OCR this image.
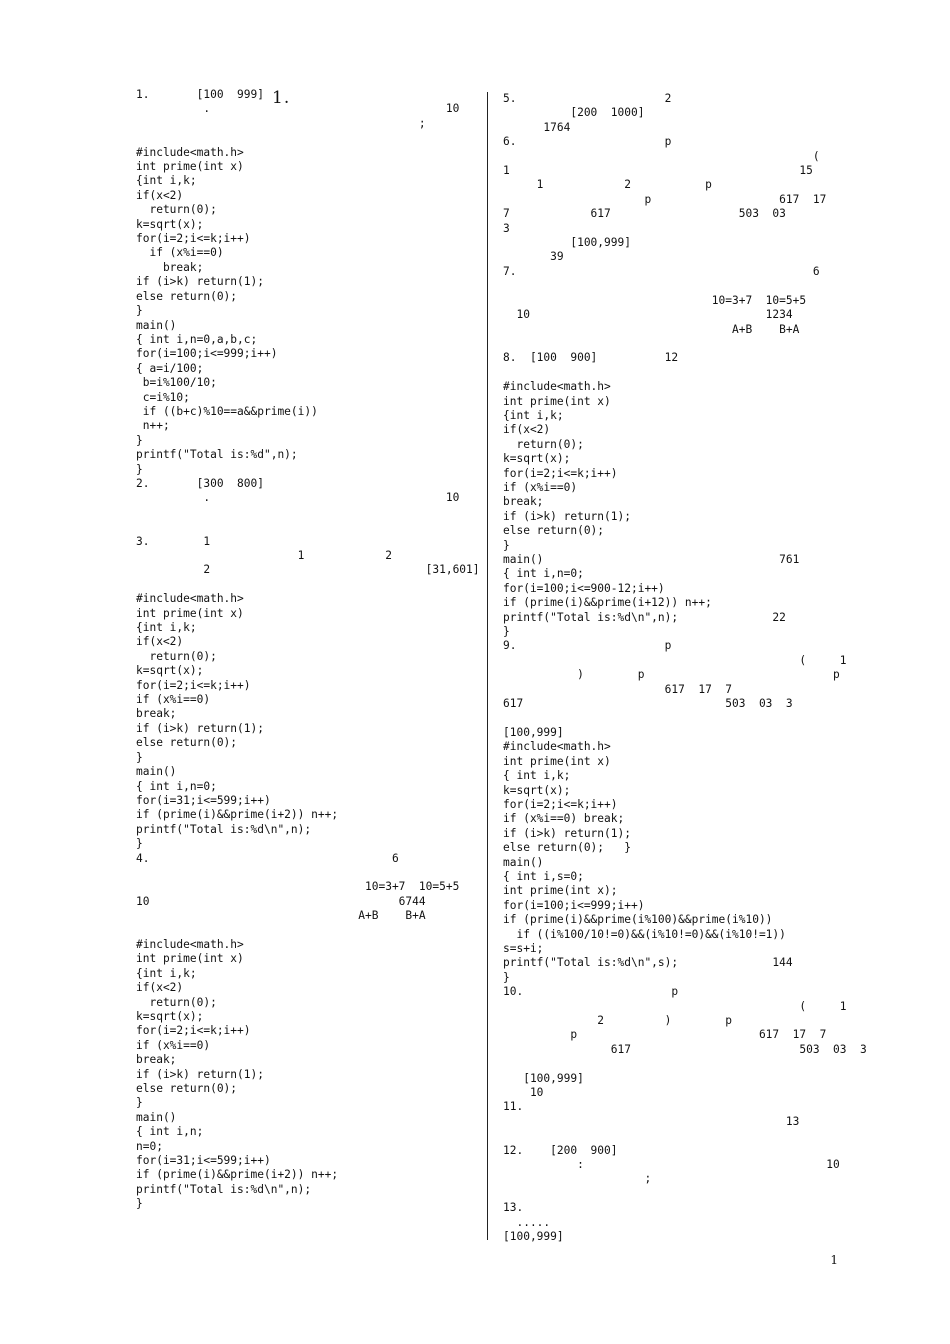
1.
1.       [100  999]
.                                   10
;

#include<math.h>
int prime(int x)
{int i,k;
if(x<2)
return(0);
k=sqrt(x);
for(i=2;i<=k;i++)
if (x%i==0)
break;
if (i>k) return(1);
else return(0);
}
main()
{ int i,n=0,a,b,c;
for(i=100;i<=999;i++)
{ a=i/100;
b=i%100/10;
c=i%10;
if ((b+c)%10==a&&prime(i))
n++;
}
printf("Total is:%d",n);
}
2.       [300  800]
.                                   10

3.        1
1            2
2                                [31,601]

#include<math.h>
int prime(int x)
{int i,k;
if(x<2)
return(0);
k=sqrt(x);
for(i=2;i<=k;i++)
if (x%i==0)
break;
if (i>k) return(1);
else return(0);
}
main()
{ int i,n=0;
for(i=31;i<=599;i++)
if (prime(i)&&prime(i+2)) n++;
printf("Total is:%d\n",n);
}
4.                                    6

10=3+7  10=5+5
10                                     6744
A+B    B+A

#include<math.h>
int prime(int x)
{int i,k;
if(x<2)
return(0);
k=sqrt(x);
for(i=2;i<=k;i++)
if (x%i==0)
break;
if (i>k) return(1);
else return(0);
}
main()
{ int i,n;
n=0;
for(i=31;i<=599;i++)
if (prime(i)&&prime(i+2)) n++;
printf("Total is:%d\n",n);
}
5.                      2
[200  1000]
1764
6.                      p
(
1                                           15
1            2           p
p                   617  17
7            617                   503  03
3
[100,999]
39
7.                                            6

10=3+7  10=5+5
10                                   1234
A+B    B+A

8.  [100  900]          12

#include<math.h>
int prime(int x)
{int i,k;
if(x<2)
return(0);
k=sqrt(x);
for(i=2;i<=k;i++)
if (x%i==0)
break;
if (i>k) return(1);
else return(0);
}
main()                                   761
{ int i,n=0;
for(i=100;i<=900-12;i++)
if (prime(i)&&prime(i+12)) n++;
printf("Total is:%d\n",n);              22
}
9.                      p
(     1
)        p                            p
617  17  7
617                              503  03  3

[100,999]
#include<math.h>
int prime(int x)
{ int i,k;
k=sqrt(x);
for(i=2;i<=k;i++)
if (x%i==0) break;
if (i>k) return(1);
else return(0);   }
main()
{ int i,s=0;
int prime(int x);
for(i=100;i<=999;i++)
if (prime(i)&&prime(i%100)&&prime(i%10))
if ((i%100/10!=0)&&(i%10!=0)&&(i%10!=1))
s=s+i;
printf("Total is:%d\n",s);              144
}
10.                      p
(     1
2         )        p
p                           617  17  7
617                         503  03  3

[100,999]
10
11.
13

12.    [200  900]
:                                    10
;

13.
.....
[100,999]
1
